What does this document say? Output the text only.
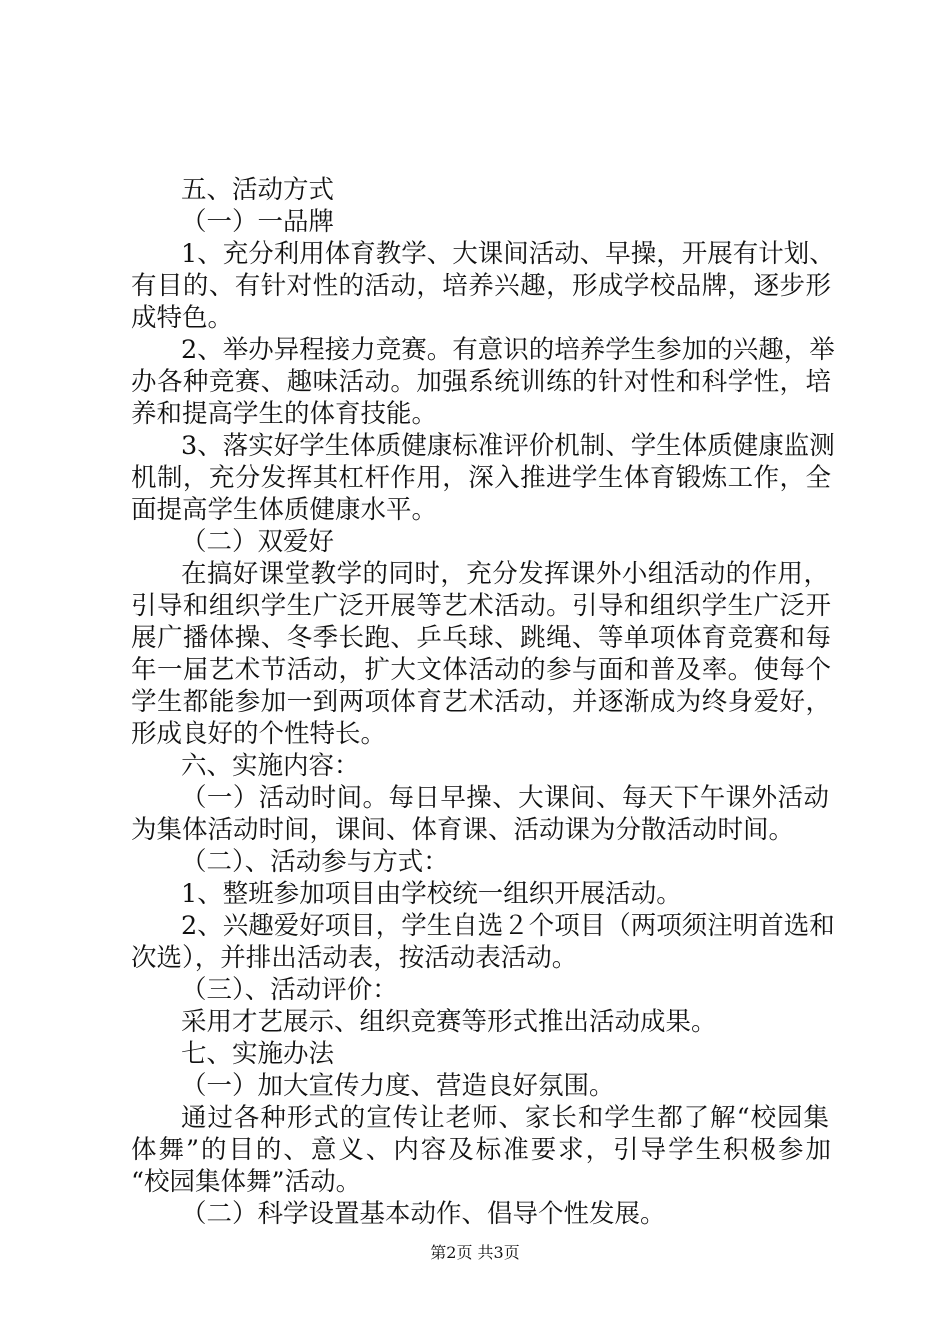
五、活动方式
（一）一品牌
1、充分利用体育教学、大课间活动、早操，开展有计划、
有目的、有针对性的活动，培养兴趣，形成学校品牌，逐步形
成特色。
2、举办异程接力竞赛。有意识的培养学生参加的兴趣，举
办各种竞赛、趣味活动。加强系统训练的针对性和科学性，培
养和提高学生的体育技能。
3、落实好学生体质健康标准评价机制、学生体质健康监测
机制，充分发挥其杠杆作用，深入推进学生体育锻炼工作，全
面提高学生体质健康水平。
（二）双爱好
在搞好课堂教学的同时，充分发挥课外小组活动的作用，
引导和组织学生广泛开展等艺术活动。引导和组织学生广泛开
展广播体操、冬季长跑、乒乓球、跳绳、等单项体育竞赛和每
年一届艺术节活动，扩大文体活动的参与面和普及率。使每个
学生都能参加一到两项体育艺术活动，并逐渐成为终身爱好，
形成良好的个性特长。
六、实施内容：
（一）活动时间。每日早操、大课间、每天下午课外活动
为集体活动时间，课间、体育课、活动课为分散活动时间。
（二）、活动参与方式：
1、整班参加项目由学校统一组织开展活动。
2、兴趣爱好项目，学生自选２个项目（两项须注明首选和
次选），并排出活动表，按活动表活动。
（三）、活动评价：
采用才艺展示、组织竞赛等形式推出活动成果。
七、实施办法
（一）加大宣传力度、营造良好氛围。
通过各种形式的宣传让老师、家长和学生都了解“校园集
体舞”的目的、意义、内容及标准要求，引导学生积极参加
“校园集体舞”活动。
（二）科学设置基本动作、倡导个性发展。
第2页 共3页
